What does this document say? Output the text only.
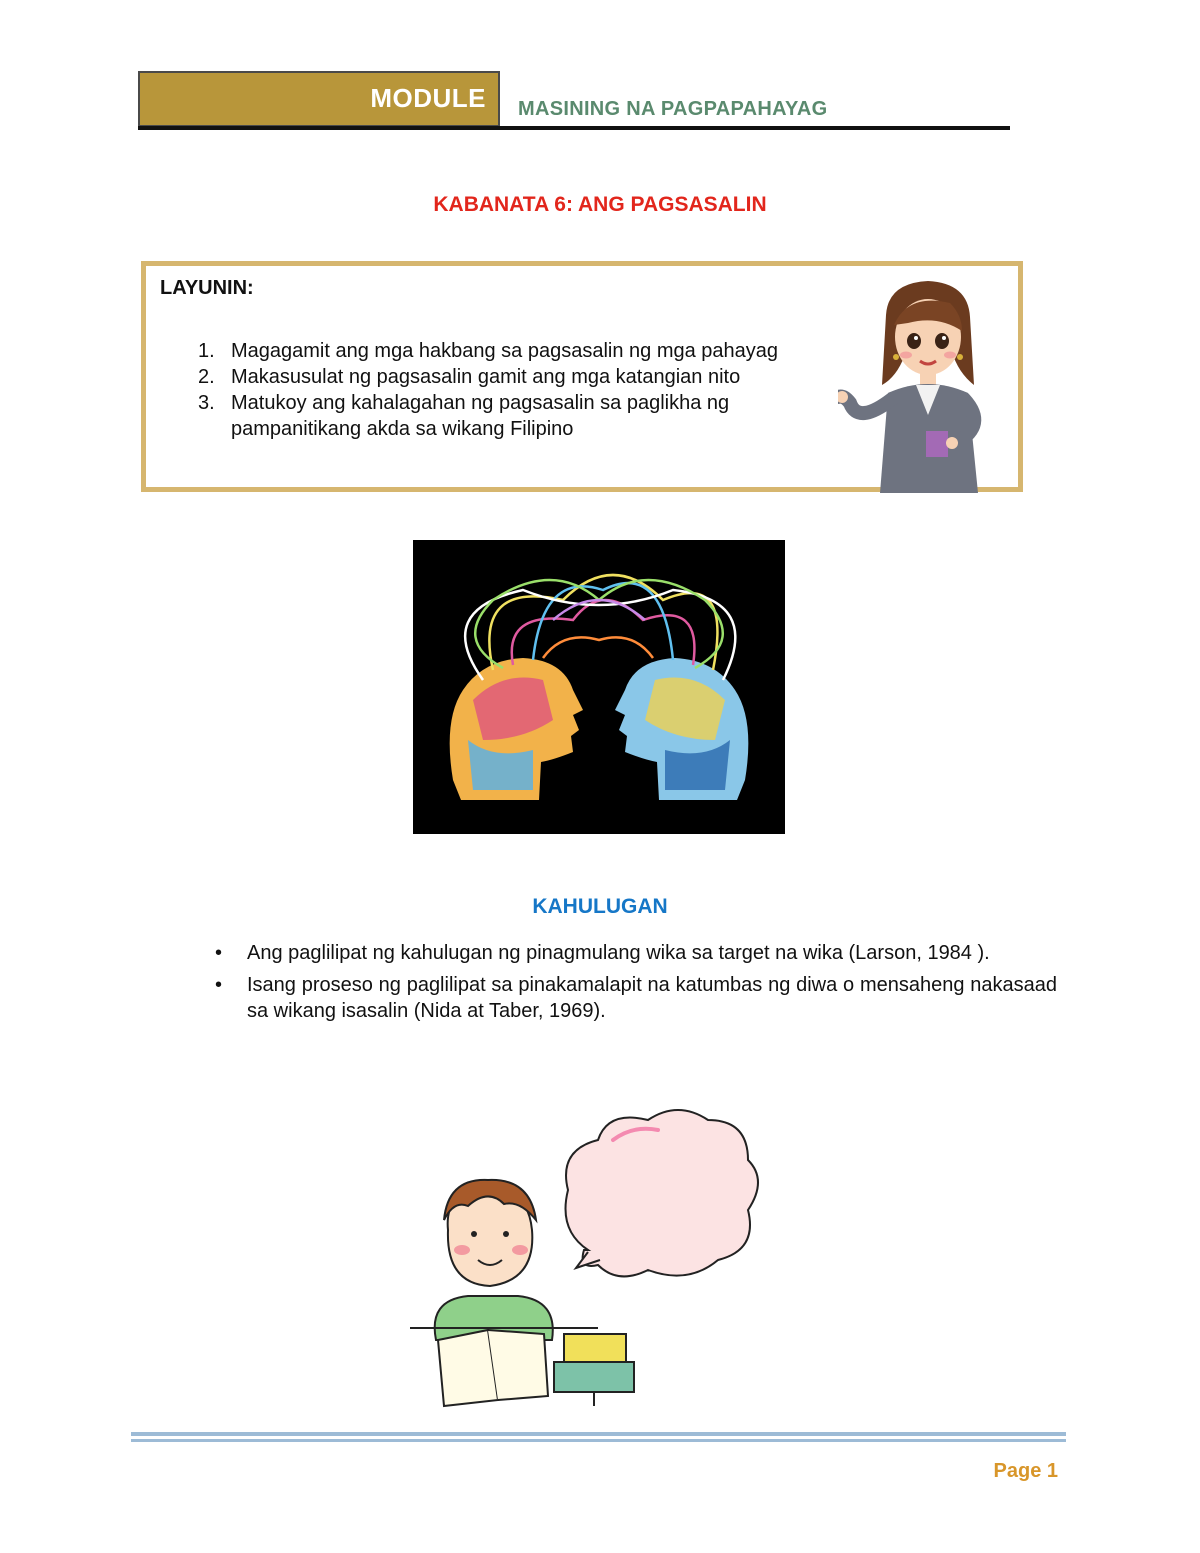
MODULE MASINING NA PAGPAPAHAYAG
KABANATA 6: ANG PAGSASALIN
LAYUNIN:
1. Magagamit ang mga hakbang sa pagsasalin ng mga pahayag
2. Makasusulat ng pagsasalin gamit ang mga katangian nito
3. Matukoy ang kahalagahan ng pagsasalin sa paglikha ng pampanitikang akda sa wikang Filipino
KAHULUGAN
• Ang paglilipat ng kahulugan ng pinagmulang wika sa target na wika (Larson, 1984 ).
• Isang proseso ng paglilipat sa pinakamalapit na katumbas ng diwa o mensaheng nakasaad sa wikang isasalin (Nida at Taber, 1969).
Page 1
